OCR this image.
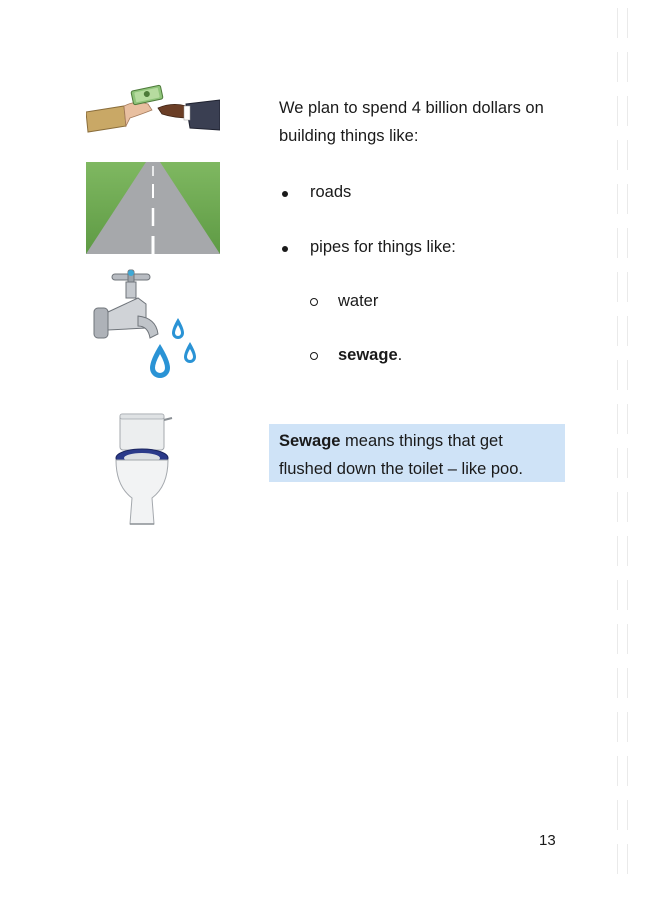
We plan to spend 4 billion dollars on building things like:

roads
pipes for things like:
water
sewage.
Sewage means things that get flushed down the toilet – like poo.
13
